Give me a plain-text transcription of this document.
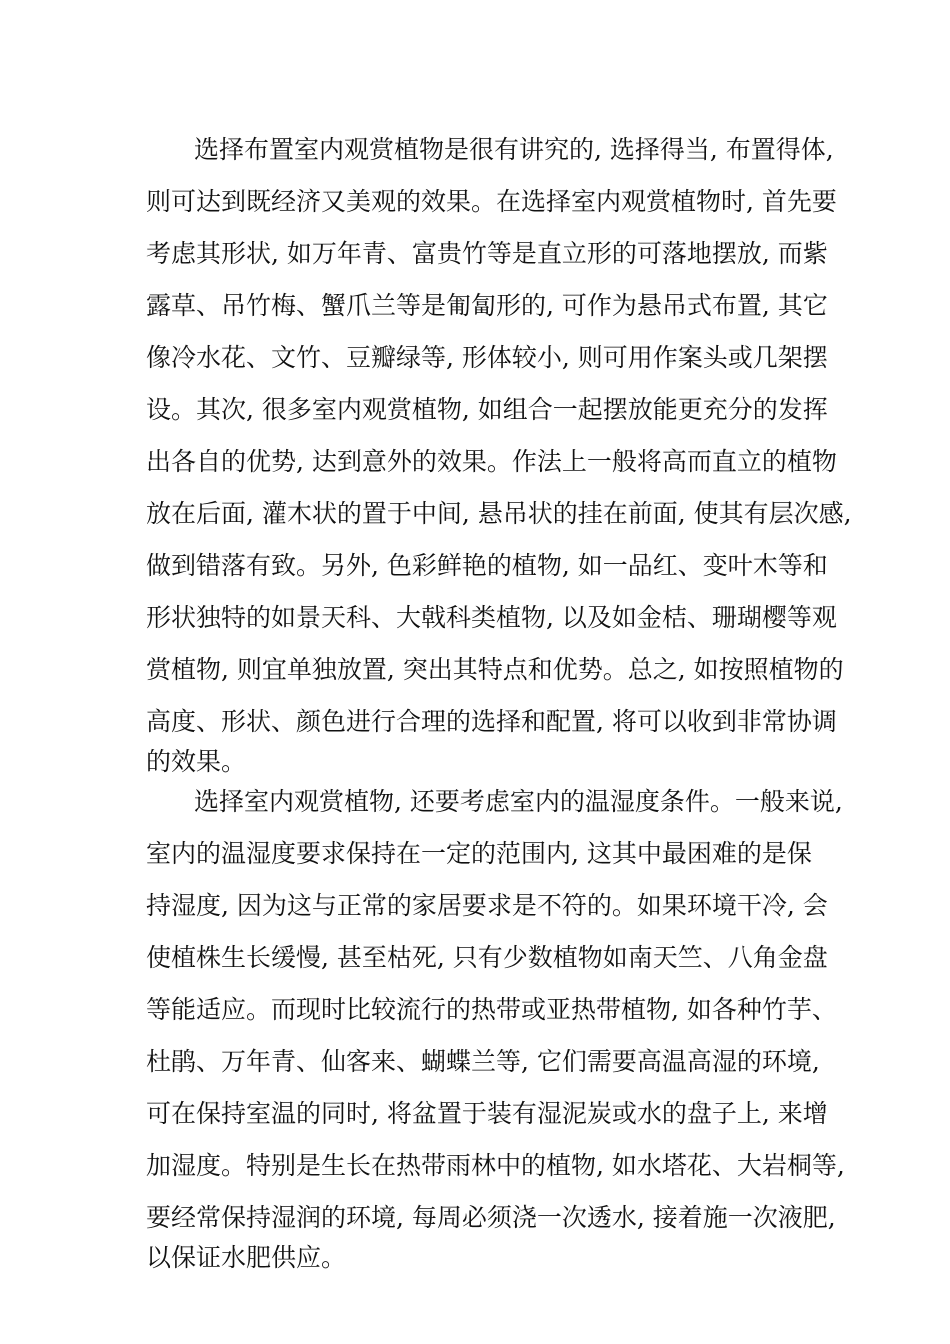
选择布置室内观赏植物是很有讲究的, 选择得当, 布置得体,
则可达到既经济又美观的效果。在选择室内观赏植物时, 首先要
考虑其形状, 如万年青、富贵竹等是直立形的可落地摆放, 而紫
露草、吊竹梅、蟹爪兰等是匍匐形的, 可作为悬吊式布置, 其它
像冷水花、文竹、豆瓣绿等, 形体较小, 则可用作案头或几架摆
设。其次, 很多室内观赏植物, 如组合一起摆放能更充分的发挥
出各自的优势, 达到意外的效果。作法上一般将高而直立的植物
放在后面, 灌木状的置于中间, 悬吊状的挂在前面, 使其有层次感,
做到错落有致。另外, 色彩鲜艳的植物, 如一品红、变叶木等和
形状独特的如景天科、大戟科类植物, 以及如金桔、珊瑚樱等观
赏植物, 则宜单独放置, 突出其特点和优势。总之, 如按照植物的
高度、形状、颜色进行合理的选择和配置, 将可以收到非常协调
的效果。
选择室内观赏植物, 还要考虑室内的温湿度条件。一般来说,
室内的温湿度要求保持在一定的范围内, 这其中最困难的是保
持湿度, 因为这与正常的家居要求是不符的。如果环境干冷, 会
使植株生长缓慢, 甚至枯死, 只有少数植物如南天竺、八角金盘
等能适应。而现时比较流行的热带或亚热带植物, 如各种竹芋、
杜鹃、万年青、仙客来、蝴蝶兰等, 它们需要高温高湿的环境,
可在保持室温的同时, 将盆置于装有湿泥炭或水的盘子上, 来增
加湿度。特别是生长在热带雨林中的植物, 如水塔花、大岩桐等,
要经常保持湿润的环境, 每周必须浇一次透水, 接着施一次液肥,
以保证水肥供应。
